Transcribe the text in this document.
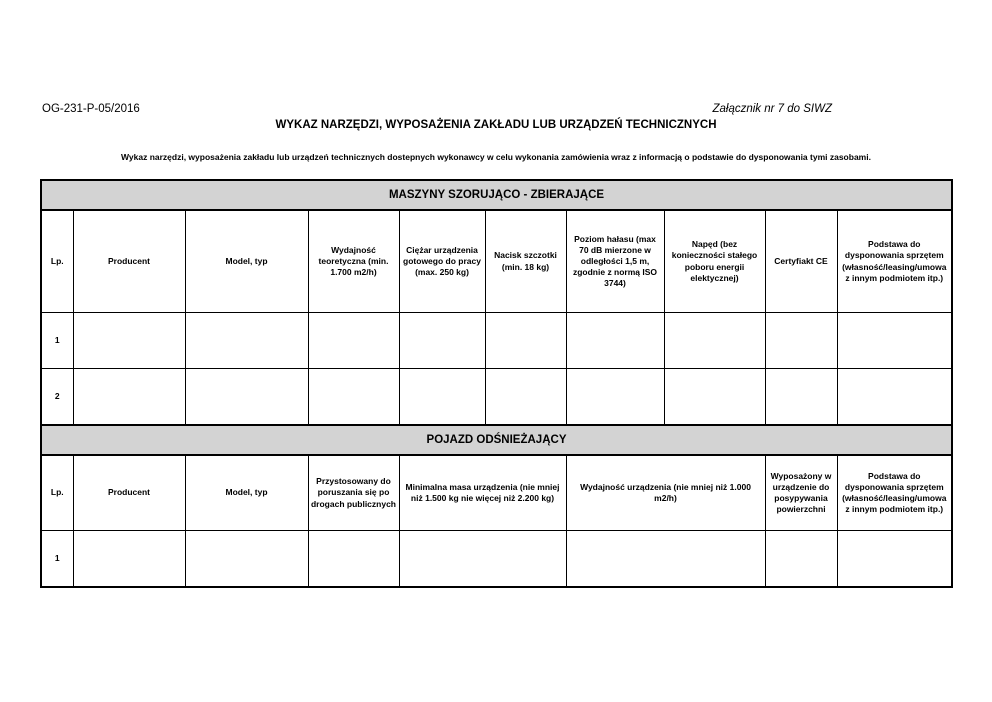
OG-231-P-05/2016	Załącznik nr 7 do SIWZ
WYKAZ NARZĘDZI, WYPOSAŻENIA ZAKŁADU LUB URZĄDZEŃ TECHNICZNYCH
Wykaz narzędzi, wyposażenia zakładu lub urządzeń technicznych dostepnych wykonawcy w celu wykonania zamówienia wraz z informacją o podstawie do dysponowania tymi zasobami.
MASZYNY SZORUJĄCO - ZBIERAJĄCE									
Lp.	Producent	Model, typ	Wydajność teoretyczna (min. 1.700 m2/h)	Ciężar urządzenia gotowego do pracy (max. 250 kg)	Nacisk szczotki (min. 18 kg)	Poziom hałasu (max 70 dB mierzone w odległości 1,5 m, zgodnie z normą ISO 3744)	Napęd (bez konieczności stałego poboru energii elektycznej)	Certyfiakt CE	Podstawa do dysponowania sprzętem (własność/leasing/umowa z innym podmiotem itp.)
1									
2									
POJAZD ODŚNIEŻAJĄCY									
Lp.	Producent	Model, typ	Przystosowany do poruszania się po drogach publicznych	Minimalna masa urządzenia (nie mniej niż 1.500 kg nie więcej niż 2.200 kg)		Wydajność urządzenia (nie mniej niż 1.000 m2/h)		Wyposażony w urządzenie do posypywania powierzchni	Podstawa do dysponowania sprzętem (własność/leasing/umowa z innym podmiotem itp.)
1									
